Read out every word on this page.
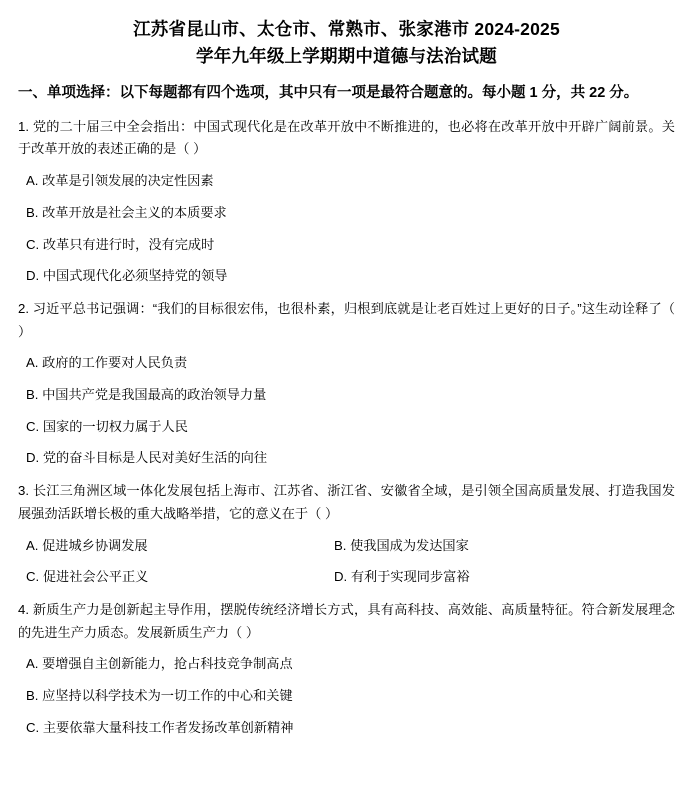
江苏省昆山市、太仓市、常熟市、张家港市 2024-2025
学年九年级上学期期中道德与法治试题
一、单项选择：以下每题都有四个选项，其中只有一项是最符合题意的。每小题 1 分，共 22 分。
1. 党的二十届三中全会指出：中国式现代化是在改革开放中不断推进的，也必将在改革开放中开辟广阔前景。关于改革开放的表述正确的是（ ）
A. 改革是引领发展的决定性因素
B. 改革开放是社会主义的本质要求
C. 改革只有进行时，没有完成时
D. 中国式现代化必须坚持党的领导
2. 习近平总书记强调：“我们的目标很宏伟，也很朴素，归根到底就是让老百姓过上更好的日子。”这生动诠释了（ ）
A. 政府的工作要对人民负责
B. 中国共产党是我国最高的政治领导力量
C. 国家的一切权力属于人民
D. 党的奋斗目标是人民对美好生活的向往
3. 长江三角洲区域一体化发展包括上海市、江苏省、浙江省、安徽省全域，是引领全国高质量发展、打造我国发展强劲活跃增长极的重大战略举措，它的意义在于（ ）
A. 促进城乡协调发展	B. 使我国成为发达国家
C. 促进社会公平正义	D. 有利于实现同步富裕
4. 新质生产力是创新起主导作用，摆脱传统经济增长方式，具有高科技、高效能、高质量特征。符合新发展理念的先进生产力质态。发展新质生产力（ ）
A. 要增强自主创新能力，抢占科技竞争制高点
B. 应坚持以科学技术为一切工作的中心和关键
C. 主要依靠大量科技工作者发扬改革创新精神
